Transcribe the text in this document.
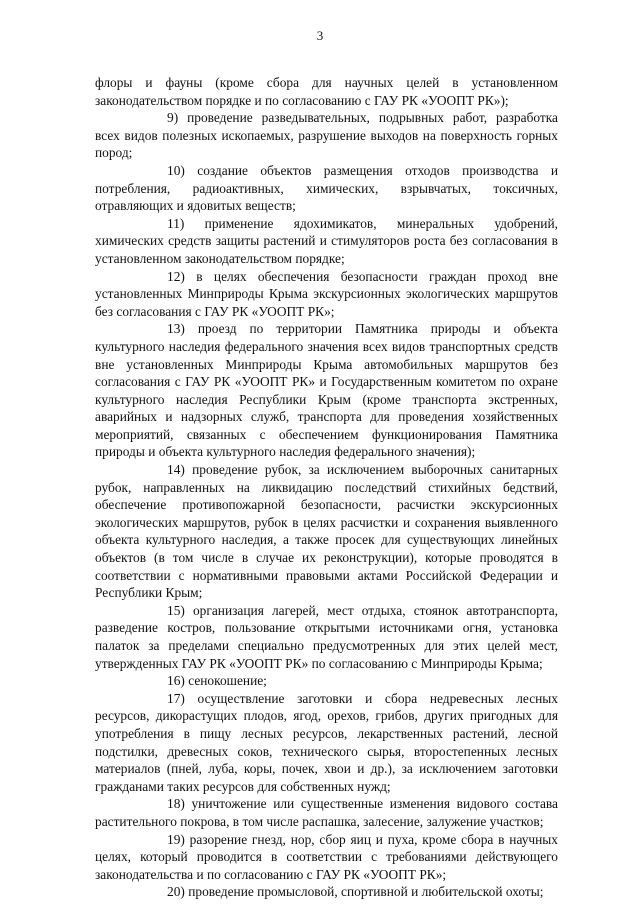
3

флоры и фауны (кроме сбора для научных целей в установленном законодательством порядке и по согласованию с ГАУ РК «УООПТ РК»);

9) проведение разведывательных, подрывных работ, разработка всех видов полезных ископаемых, разрушение выходов на поверхность горных пород;

10) создание объектов размещения отходов производства и потребления, радиоактивных, химических, взрывчатых, токсичных, отравляющих и ядовитых веществ;

11) применение ядохимикатов, минеральных удобрений, химических средств защиты растений и стимуляторов роста без согласования в установленном законодательством порядке;

12) в целях обеспечения безопасности граждан проход вне установленных Минприроды Крыма экскурсионных экологических маршрутов без согласования с ГАУ РК «УООПТ РК»;

13) проезд по территории Памятника природы и объекта культурного наследия федерального значения всех видов транспортных средств вне установленных Минприроды Крыма автомобильных маршрутов без согласования с ГАУ РК «УООПТ РК» и Государственным комитетом по охране культурного наследия Республики Крым (кроме транспорта экстренных, аварийных и надзорных служб, транспорта для проведения хозяйственных мероприятий, связанных с обеспечением функционирования Памятника природы и объекта культурного наследия федерального значения);

14) проведение рубок, за исключением выборочных санитарных рубок, направленных на ликвидацию последствий стихийных бедствий, обеспечение противопожарной безопасности, расчистки экскурсионных экологических маршрутов, рубок в целях расчистки и сохранения выявленного объекта культурного наследия, а также просек для существующих линейных объектов (в том числе в случае их реконструкции), которые проводятся в соответствии с нормативными правовыми актами Российской Федерации и Республики Крым;

15) организация лагерей, мест отдыха, стоянок автотранспорта, разведение костров, пользование открытыми источниками огня, установка палаток за пределами специально предусмотренных для этих целей мест, утвержденных ГАУ РК «УООПТ РК» по согласованию с Минприроды Крыма;

16) сенокошение;

17) осуществление заготовки и сбора недревесных лесных ресурсов, дикорастущих плодов, ягод, орехов, грибов, других пригодных для употребления в пищу лесных ресурсов, лекарственных растений, лесной подстилки, древесных соков, технического сырья, второстепенных лесных материалов (пней, луба, коры, почек, хвои и др.), за исключением заготовки гражданами таких ресурсов для собственных нужд;

18) уничтожение или существенные изменения видового состава растительного покрова, в том числе распашка, залесение, залужение участков;

19) разорение гнезд, нор, сбор яиц и пуха, кроме сбора в научных целях, который проводится в соответствии с требованиями действующего законодательства и по согласованию с ГАУ РК «УООПТ РК»;

20) проведение промысловой, спортивной и любительской охоты;
